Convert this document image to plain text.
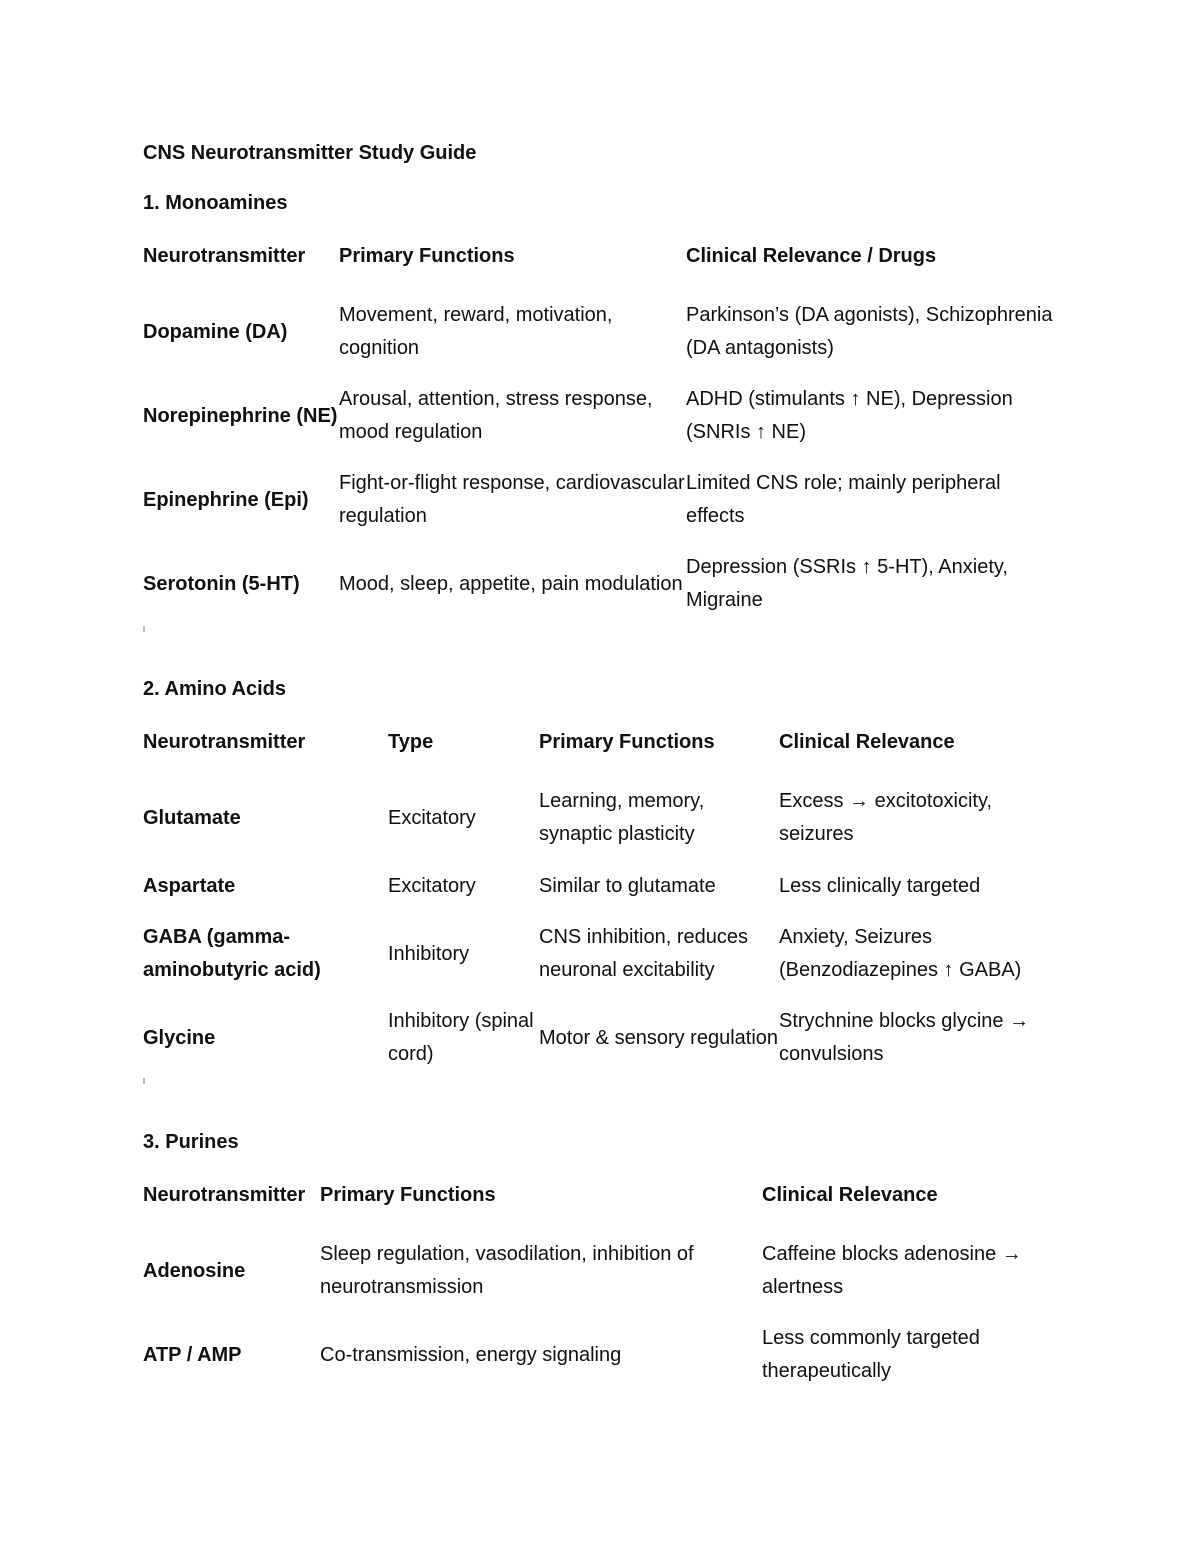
CNS Neurotransmitter Study Guide
1. Monoamines
Neurotransmitter	Primary Functions	Clinical Relevance / Drugs
Dopamine (DA)	Movement, reward, motivation, cognition	Parkinson’s (DA agonists), Schizophrenia (DA antagonists)
Norepinephrine (NE)	Arousal, attention, stress response, mood regulation	ADHD (stimulants ↑ NE), Depression (SNRIs ↑ NE)
Epinephrine (Epi)	Fight-or-flight response, cardiovascular regulation	Limited CNS role; mainly peripheral effects
Serotonin (5-HT)	Mood, sleep, appetite, pain modulation	Depression (SSRIs ↑ 5-HT), Anxiety, Migraine
2. Amino Acids
Neurotransmitter	Type	Primary Functions	Clinical Relevance
Glutamate	Excitatory	Learning, memory, synaptic plasticity	Excess → excitotoxicity, seizures
Aspartate	Excitatory	Similar to glutamate	Less clinically targeted
GABA (gamma-aminobutyric acid)	Inhibitory	CNS inhibition, reduces neuronal excitability	Anxiety, Seizures (Benzodiazepines ↑ GABA)
Glycine	Inhibitory (spinal cord)	Motor & sensory regulation	Strychnine blocks glycine → convulsions
3. Purines
Neurotransmitter	Primary Functions	Clinical Relevance
Adenosine	Sleep regulation, vasodilation, inhibition of neurotransmission	Caffeine blocks adenosine → alertness
ATP / AMP	Co-transmission, energy signaling	Less commonly targeted therapeutically
